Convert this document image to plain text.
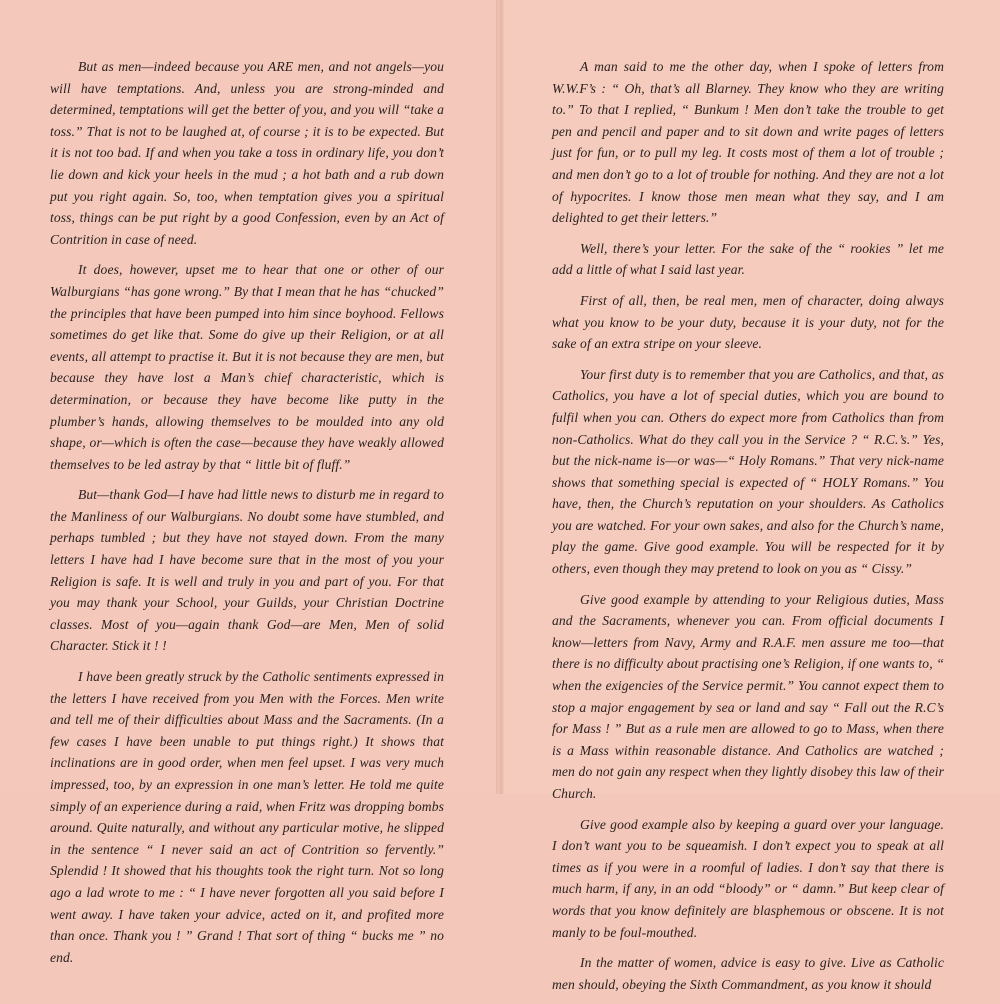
But as men—indeed because you ARE men, and not angels—you will have temptations. And, unless you are strong-minded and determined, temptations will get the better of you, and you will “take a toss.” That is not to be laughed at, of course ; it is to be expected. But it is not too bad. If and when you take a toss in ordinary life, you don’t lie down and kick your heels in the mud ; a hot bath and a rub down put you right again. So, too, when temptation gives you a spiritual toss, things can be put right by a good Confession, even by an Act of Contrition in case of need.

It does, however, upset me to hear that one or other of our Walburgians “has gone wrong.” By that I mean that he has “chucked” the principles that have been pumped into him since boyhood. Fellows sometimes do get like that. Some do give up their Religion, or at all events, all attempt to practise it. But it is not because they are men, but because they have lost a Man’s chief characteristic, which is determination, or because they have become like putty in the plumber’s hands, allowing themselves to be moulded into any old shape, or—which is often the case—because they have weakly allowed themselves to be led astray by that “ little bit of fluff.”

But—thank God—I have had little news to disturb me in regard to the Manliness of our Walburgians. No doubt some have stumbled, and perhaps tumbled ; but they have not stayed down. From the many letters I have had I have become sure that in the most of you your Religion is safe. It is well and truly in you and part of you. For that you may thank your School, your Guilds, your Christian Doctrine classes. Most of you—again thank God—are Men, Men of solid Character. Stick it ! !

I have been greatly struck by the Catholic sentiments expressed in the letters I have received from you Men with the Forces. Men write and tell me of their difficulties about Mass and the Sacraments. (In a few cases I have been unable to put things right.) It shows that inclinations are in good order, when men feel upset. I was very much impressed, too, by an expression in one man’s letter. He told me quite simply of an experience during a raid, when Fritz was dropping bombs around. Quite naturally, and without any particular motive, he slipped in the sentence “ I never said an act of Contrition so fervently.” Splendid ! It showed that his thoughts took the right turn. Not so long ago a lad wrote to me : “ I have never forgotten all you said before I went away. I have taken your advice, acted on it, and profited more than once. Thank you ! ” Grand ! That sort of thing “ bucks me ” no end.

A man said to me the other day, when I spoke of letters from W.W.F’s : “ Oh, that’s all Blarney. They know who they are writing to.” To that I replied, “ Bunkum ! Men don’t take the trouble to get pen and pencil and paper and to sit down and write pages of letters just for fun, or to pull my leg. It costs most of them a lot of trouble ; and men don’t go to a lot of trouble for nothing. And they are not a lot of hypocrites. I know those men mean what they say, and I am delighted to get their letters.”

Well, there’s your letter. For the sake of the “ rookies ” let me add a little of what I said last year.

First of all, then, be real men, men of character, doing always what you know to be your duty, because it is your duty, not for the sake of an extra stripe on your sleeve.

Your first duty is to remember that you are Catholics, and that, as Catholics, you have a lot of special duties, which you are bound to fulfil when you can. Others do expect more from Catholics than from non-Catholics. What do they call you in the Service ? “ R.C.’s.” Yes, but the nick-name is—or was—“ Holy Romans.” That very nick-name shows that something special is expected of “ HOLY Romans.” You have, then, the Church’s reputation on your shoulders. As Catholics you are watched. For your own sakes, and also for the Church’s name, play the game. Give good example. You will be respected for it by others, even though they may pretend to look on you as “ Cissy.”

Give good example by attending to your Religious duties, Mass and the Sacraments, whenever you can. From official documents I know—letters from Navy, Army and R.A.F. men assure me too—that there is no difficulty about practising one’s Religion, if one wants to, “ when the exigencies of the Service permit.” You cannot expect them to stop a major engagement by sea or land and say “ Fall out the R.C’s for Mass ! ” But as a rule men are allowed to go to Mass, when there is a Mass within reasonable distance. And Catholics are watched ; men do not gain any respect when they lightly disobey this law of their Church.

Give good example also by keeping a guard over your language. I don’t want you to be squeamish. I don’t expect you to speak at all times as if you were in a roomful of ladies. I don’t say that there is much harm, if any, in an odd “bloody” or “ damn.” But keep clear of words that you know definitely are blasphemous or obscene. It is not manly to be foul-mouthed.

In the matter of women, advice is easy to give. Live as Catholic men should, obeying the Sixth Commandment, as you know it should
